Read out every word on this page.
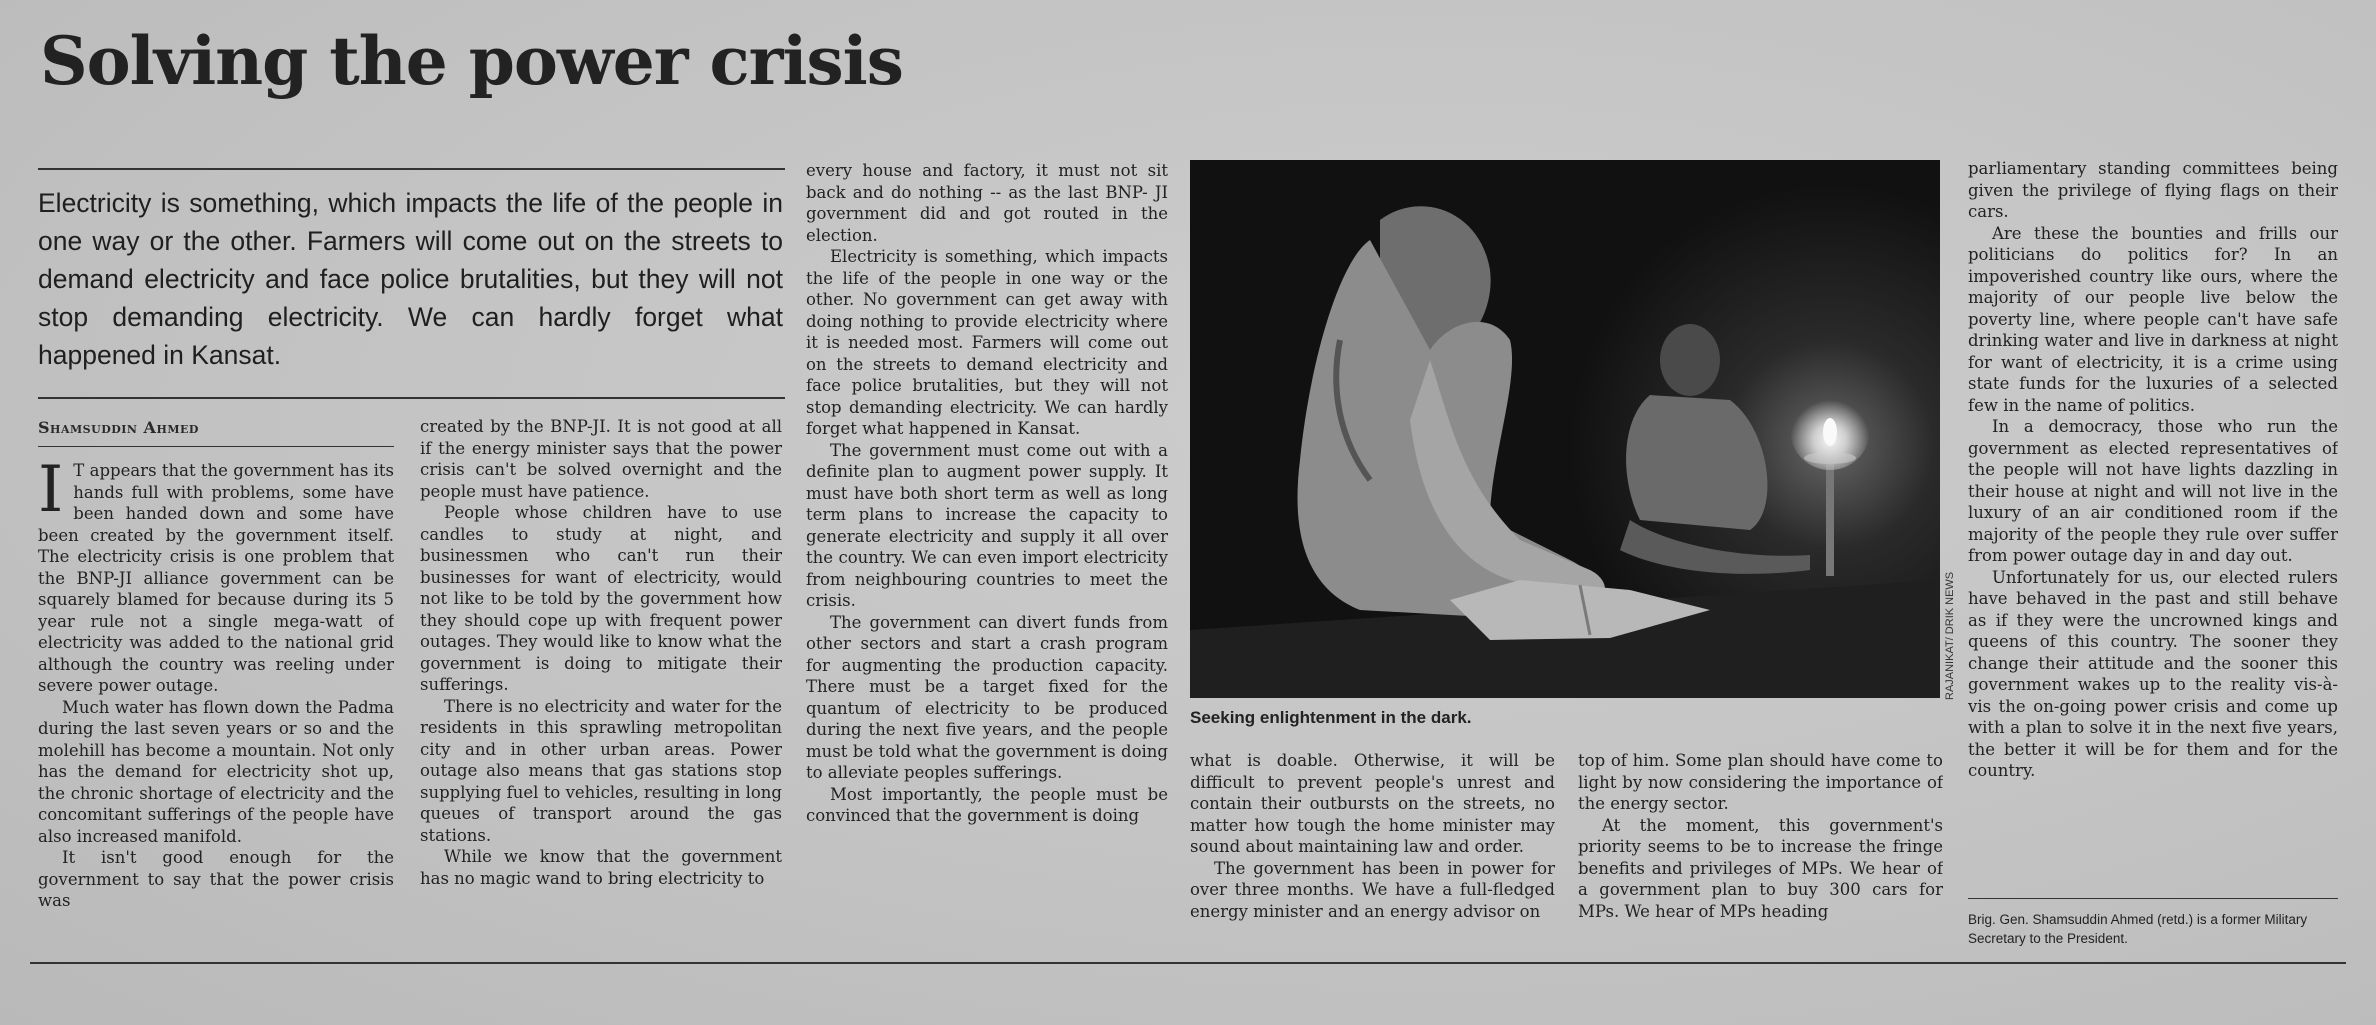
Solving the power crisis

Electricity is something, which impacts the life of the people in one way or the other. Farmers will come out on the streets to demand electricity and face police brutalities, but they will not stop demanding electricity. We can hardly forget what happened in Kansat.

Shamsuddin Ahmed

I T appears that the government has its hands full with problems, some have been handed down and some have been created by the government itself. The electricity crisis is one problem that the BNP-JI alliance government can be squarely blamed for because during its 5 year rule not a single mega-watt of electricity was added to the national grid although the country was reeling under severe power outage.

Much water has flown down the Padma during the last seven years or so and the molehill has become a mountain. Not only has the demand for electricity shot up, the chronic shortage of electricity and the concomitant sufferings of the people have also increased manifold.

It isn't good enough for the government to say that the power crisis was

created by the BNP-JI. It is not good at all if the energy minister says that the power crisis can't be solved overnight and the people must have patience.

People whose children have to use candles to study at night, and businessmen who can't run their businesses for want of electricity, would not like to be told by the government how they should cope up with frequent power outages. They would like to know what the government is doing to mitigate their sufferings.

There is no electricity and water for the residents in this sprawling metropolitan city and in other urban areas. Power outage also means that gas stations stop supplying fuel to vehicles, resulting in long queues of transport around the gas stations.

While we know that the government has no magic wand to bring electricity to

every house and factory, it must not sit back and do nothing -- as the last BNP- JI government did and got routed in the election.

Electricity is something, which impacts the life of the people in one way or the other. No government can get away with doing nothing to provide electricity where it is needed most. Farmers will come out on the streets to demand electricity and face police brutalities, but they will not stop demanding electricity. We can hardly forget what happened in Kansat.

The government must come out with a definite plan to augment power supply. It must have both short term as well as long term plans to increase the capacity to generate electricity and supply it all over the country. We can even import electricity from neighbouring countries to meet the crisis.

The government can divert funds from other sectors and start a crash program for augmenting the production capacity. There must be a target fixed for the quantum of electricity to be produced during the next five years, and the people must be told what the government is doing to alleviate peoples sufferings.

Most importantly, the people must be convinced that the government is doing

RAJANIKAT/ DRIK NEWS
Seeking enlightenment in the dark.

what is doable. Otherwise, it will be difficult to prevent people's unrest and contain their outbursts on the streets, no matter how tough the home minister may sound about maintaining law and order.

The government has been in power for over three months. We have a full-fledged energy minister and an energy advisor on

top of him. Some plan should have come to light by now considering the importance of the energy sector.

At the moment, this government's priority seems to be to increase the fringe benefits and privileges of MPs. We hear of a government plan to buy 300 cars for MPs. We hear of MPs heading

parliamentary standing committees being given the privilege of flying flags on their cars.

Are these the bounties and frills our politicians do politics for? In an impoverished country like ours, where the majority of our people live below the poverty line, where people can't have safe drinking water and live in darkness at night for want of electricity, it is a crime using state funds for the luxuries of a selected few in the name of politics.

In a democracy, those who run the government as elected representatives of the people will not have lights dazzling in their house at night and will not live in the luxury of an air conditioned room if the majority of the people they rule over suffer from power outage day in and day out.

Unfortunately for us, our elected rulers have behaved in the past and still behave as if they were the uncrowned kings and queens of this country. The sooner they change their attitude and the sooner this government wakes up to the reality vis-à-vis the on-going power crisis and come up with a plan to solve it in the next five years, the better it will be for them and for the country.

Brig. Gen. Shamsuddin Ahmed (retd.) is a former Military Secretary to the President.
